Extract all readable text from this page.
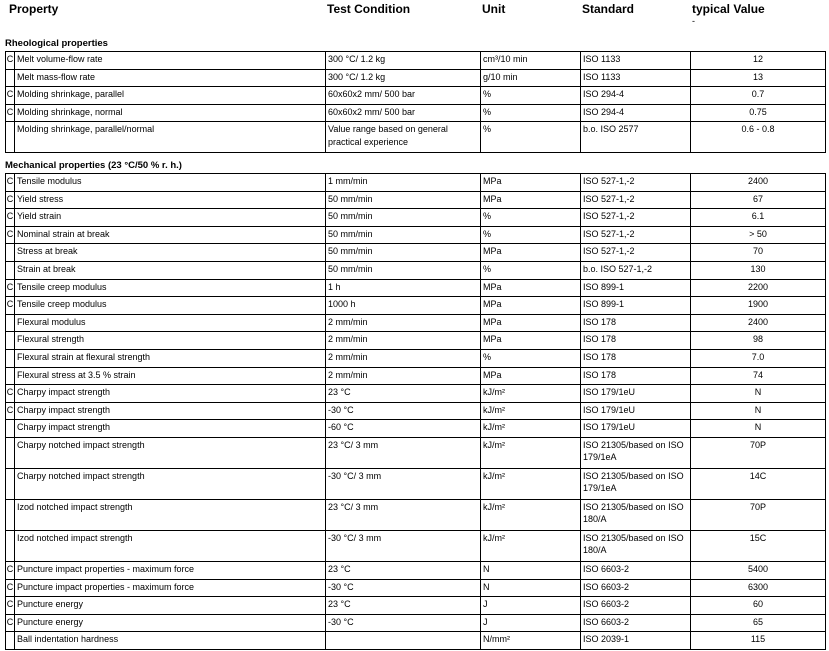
Property	Test Condition	Unit	Standard	typical Value
-
Rheological properties
C	Melt volume-flow rate	300 °C/ 1.2 kg	cm³/10 min	ISO 1133	12
	Melt mass-flow rate	300 °C/ 1.2 kg	g/10 min	ISO 1133	13
C	Molding shrinkage, parallel	60x60x2 mm/ 500 bar	%	ISO 294-4	0.7
C	Molding shrinkage, normal	60x60x2 mm/ 500 bar	%	ISO 294-4	0.75
	Molding shrinkage, parallel/normal	Value range based on general practical experience	%	b.o. ISO 2577	0.6 - 0.8
Mechanical properties (23 °C/50 % r. h.)
C	Tensile modulus	1 mm/min	MPa	ISO 527-1,-2	2400
C	Yield stress	50 mm/min	MPa	ISO 527-1,-2	67
C	Yield strain	50 mm/min	%	ISO 527-1,-2	6.1
C	Nominal strain at break	50 mm/min	%	ISO 527-1,-2	> 50
	Stress at break	50 mm/min	MPa	ISO 527-1,-2	70
	Strain at break	50 mm/min	%	b.o. ISO 527-1,-2	130
C	Tensile creep modulus	1 h	MPa	ISO 899-1	2200
C	Tensile creep modulus	1000 h	MPa	ISO 899-1	1900
	Flexural modulus	2 mm/min	MPa	ISO 178	2400
	Flexural strength	2 mm/min	MPa	ISO 178	98
	Flexural strain at flexural strength	2 mm/min	%	ISO 178	7.0
	Flexural stress at 3.5 % strain	2 mm/min	MPa	ISO 178	74
C	Charpy impact strength	23 °C	kJ/m²	ISO 179/1eU	N
C	Charpy impact strength	-30 °C	kJ/m²	ISO 179/1eU	N
	Charpy impact strength	-60 °C	kJ/m²	ISO 179/1eU	N
	Charpy notched impact strength	23 °C/ 3 mm	kJ/m²	ISO 21305/based on ISO 179/1eA	70P
	Charpy notched impact strength	-30 °C/ 3 mm	kJ/m²	ISO 21305/based on ISO 179/1eA	14C
	Izod notched impact strength	23 °C/ 3 mm	kJ/m²	ISO 21305/based on ISO 180/A	70P
	Izod notched impact strength	-30 °C/ 3 mm	kJ/m²	ISO 21305/based on ISO 180/A	15C
C	Puncture impact properties - maximum force	23 °C	N	ISO 6603-2	5400
C	Puncture impact properties - maximum force	-30 °C	N	ISO 6603-2	6300
C	Puncture energy	23 °C	J	ISO 6603-2	60
C	Puncture energy	-30 °C	J	ISO 6603-2	65
	Ball indentation hardness		N/mm²	ISO 2039-1	115
